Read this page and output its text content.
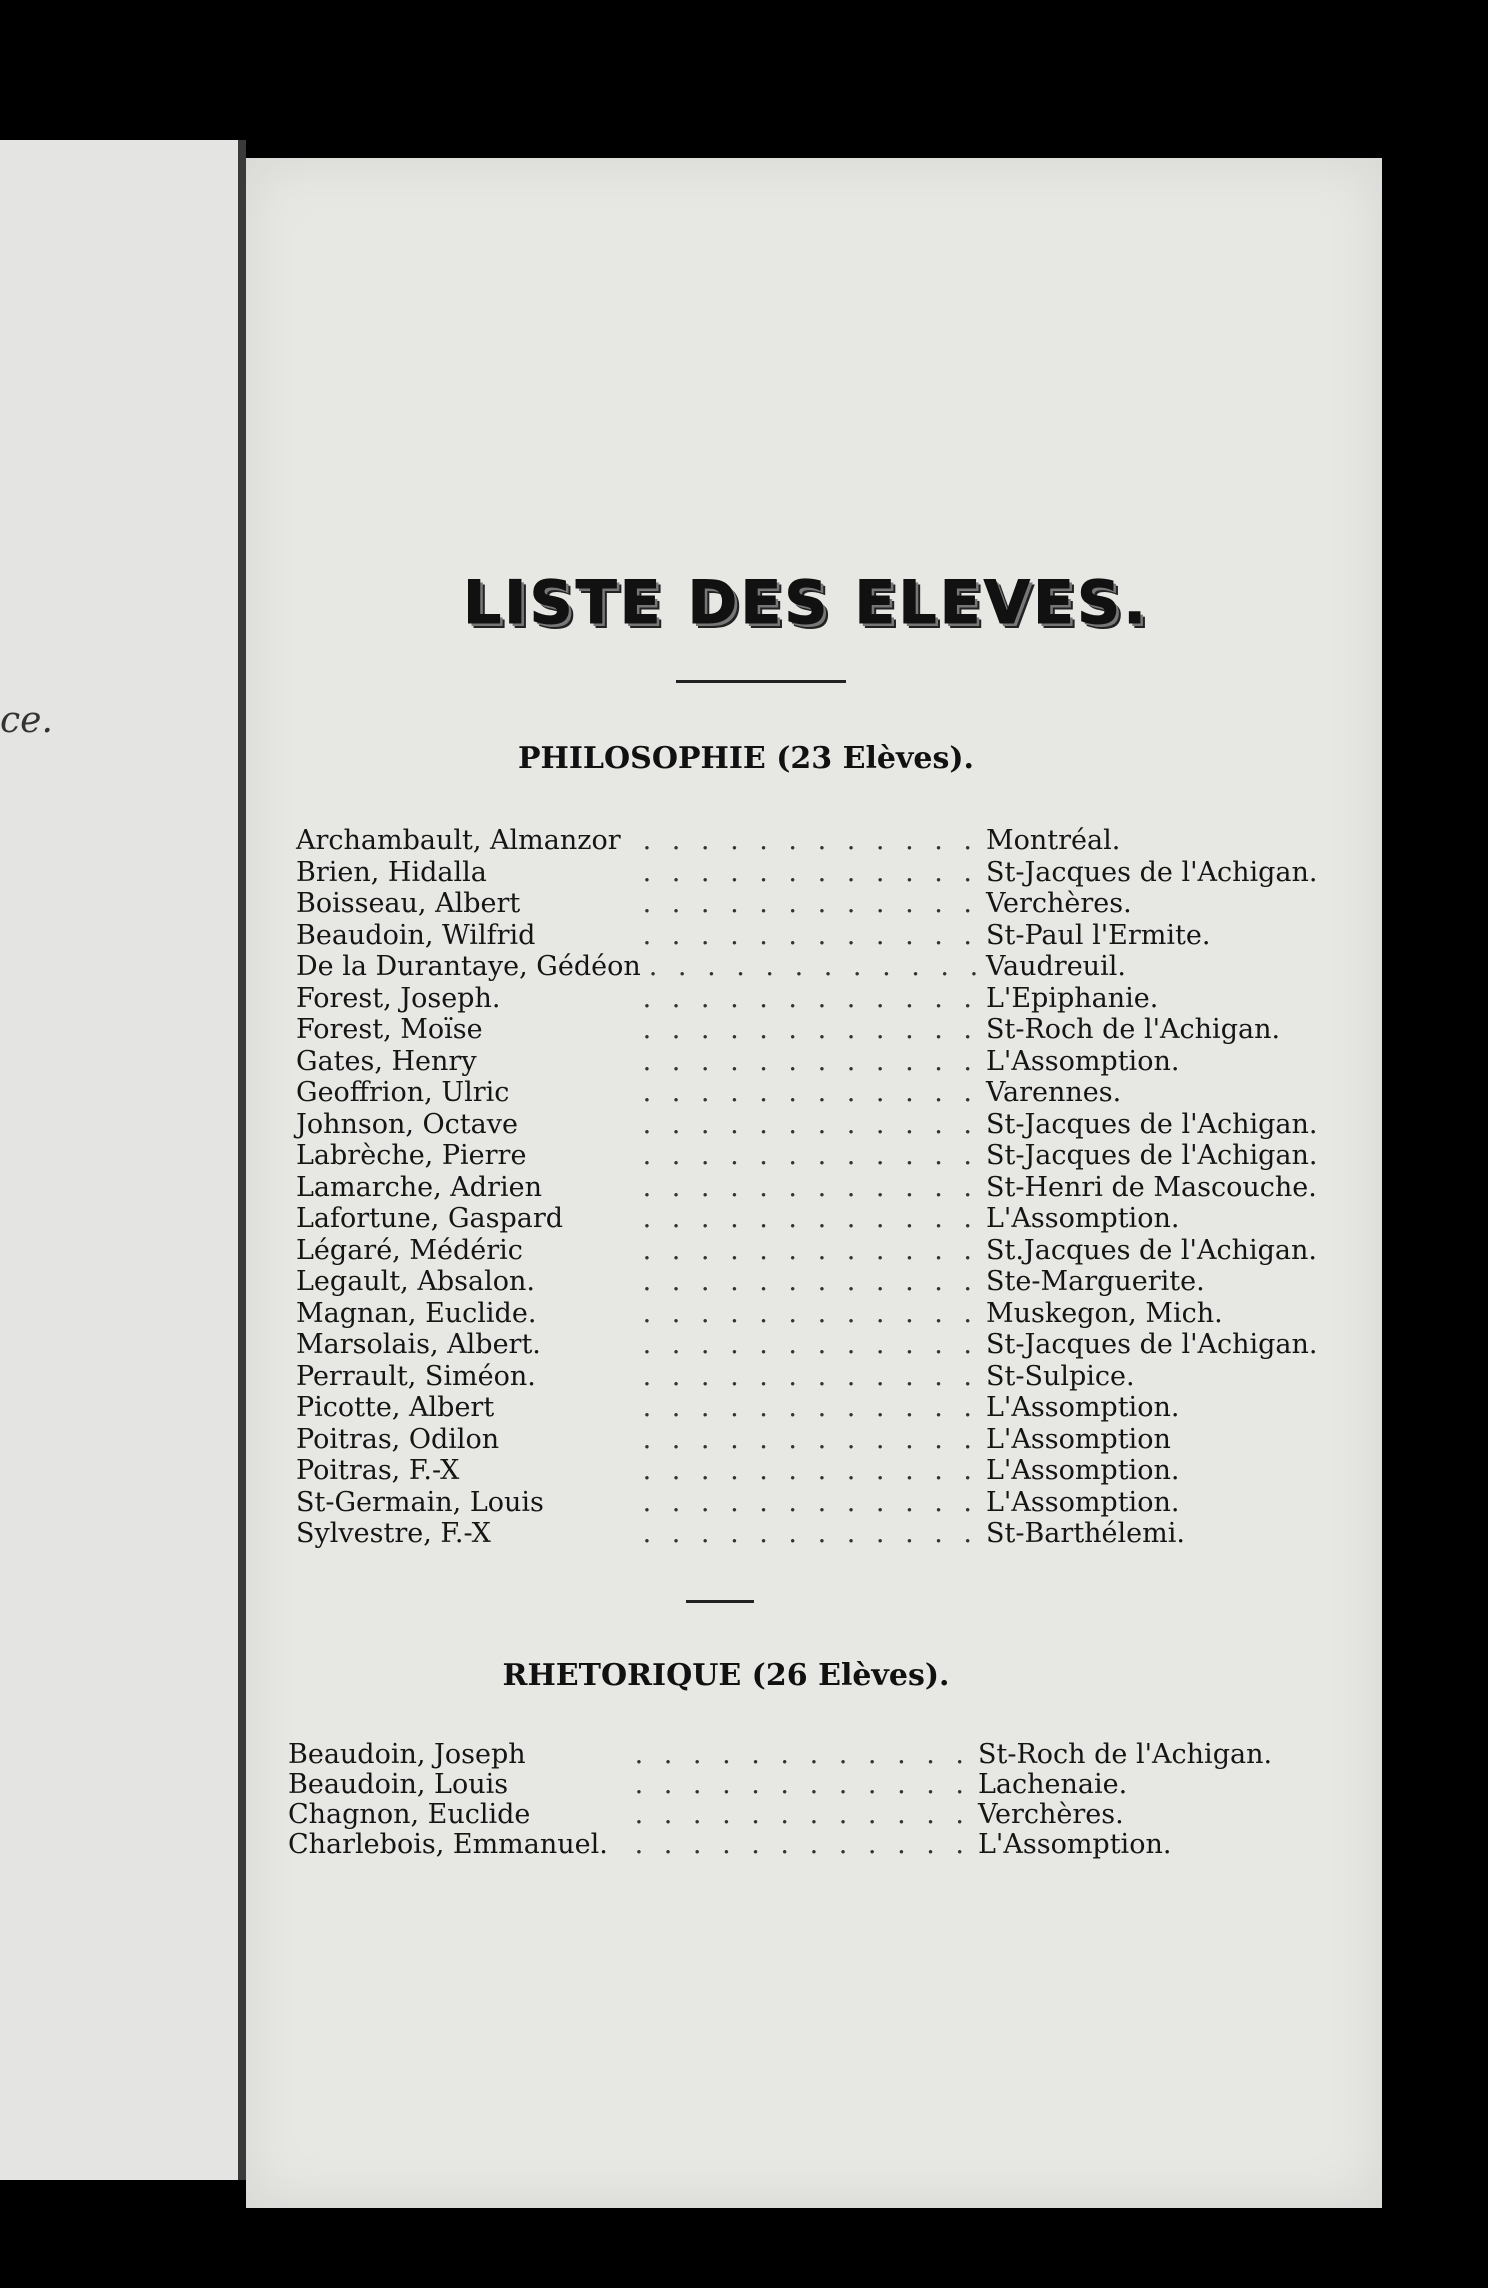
ce.
LISTE DES ELEVES.
PHILOSOPHIE (23 Elèves).
Archambault, Almanzor . . . . . . . . . . . . Montréal.
Brien, Hidalla	. . . . . . . . . . . . St-Jacques de l'Achigan.
Boisseau, Albert	. . . . . . . . . . . . Verchères.
Beaudoin, Wilfrid	. . . . . . . . . . . . St-Paul l'Ermite.
De la Durantaye, Gédéon . . . . . . . . . . . . Vaudreuil.
Forest, Joseph.	. . . . . . . . . . . . L'Epiphanie.
Forest, Moïse	. . . . . . . . . . . . St-Roch de l'Achigan.
Gates, Henry	. . . . . . . . . . . . L'Assomption.
Geoffrion, Ulric	. . . . . . . . . . . . Varennes.
Johnson, Octave	. . . . . . . . . . . . St-Jacques de l'Achigan.
Labrèche, Pierre	. . . . . . . . . . . . St-Jacques de l'Achigan.
Lamarche, Adrien	. . . . . . . . . . . . St-Henri de Mascouche.
Lafortune, Gaspard	. . . . . . . . . . . . L'Assomption.
Légaré, Médéric	. . . . . . . . . . . . St.Jacques de l'Achigan.
Legault, Absalon.	. . . . . . . . . . . . Ste-Marguerite.
Magnan, Euclide.	. . . . . . . . . . . . Muskegon, Mich.
Marsolais, Albert.	. . . . . . . . . . . . St-Jacques de l'Achigan.
Perrault, Siméon.	. . . . . . . . . . . . St-Sulpice.
Picotte, Albert	. . . . . . . . . . . . L'Assomption.
Poitras, Odilon	. . . . . . . . . . . . L'Assomption
Poitras, F.-X	. . . . . . . . . . . . L'Assomption.
St-Germain, Louis	. . . . . . . . . . . . L'Assomption.
Sylvestre, F.-X	. . . . . . . . . . . . St-Barthélemi.
RHETORIQUE (26 Elèves).
Beaudoin, Joseph	. . . . . . . . . . . . St-Roch de l'Achigan.
Beaudoin, Louis	. . . . . . . . . . . . Lachenaie.
Chagnon, Euclide	. . . . . . . . . . . . Verchères.
Charlebois, Emmanuel. . . . . . . . . . . . . L'Assomption.
